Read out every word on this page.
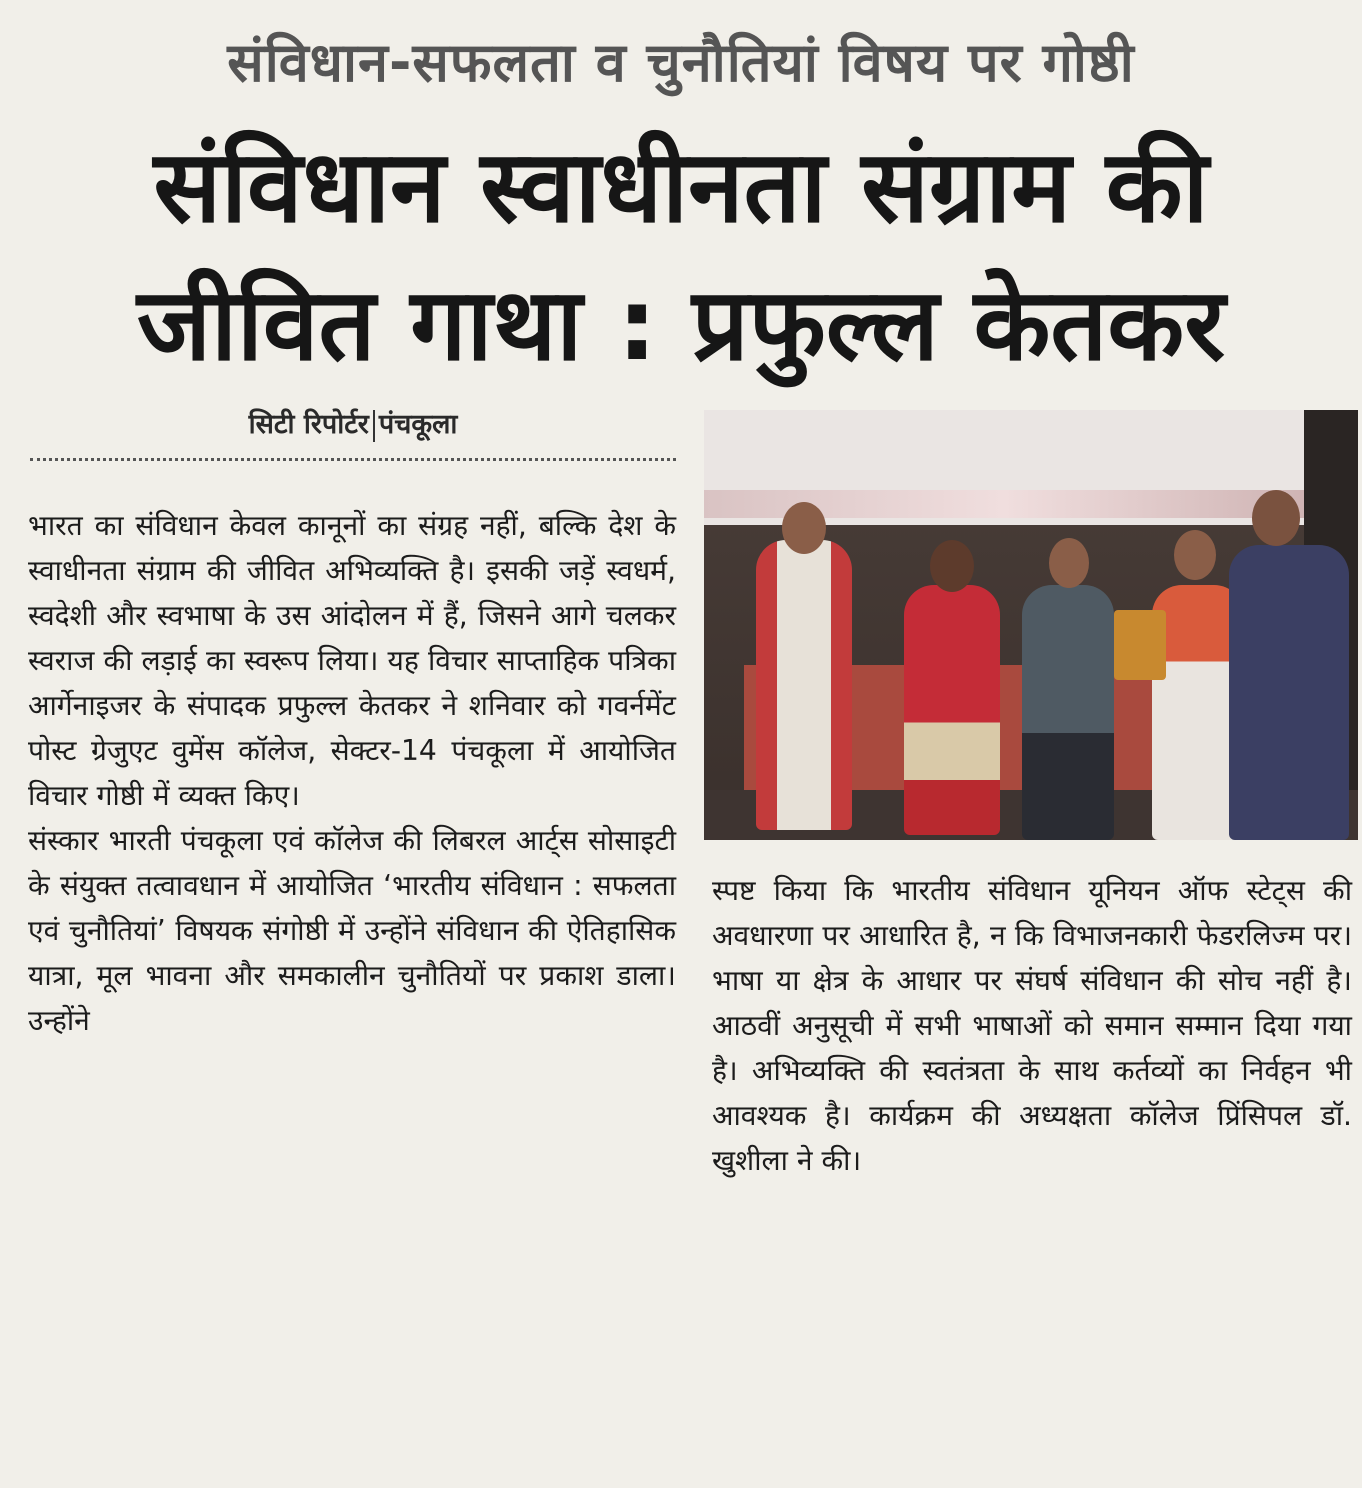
संविधान-सफलता व चुनौतियां विषय पर गोष्ठी
संविधान स्वाधीनता संग्राम की
जीवित गाथा : प्रफुल्ल केतकर
सिटी रिपोर्टर पंचकूला

भारत का संविधान केवल कानूनों का संग्रह नहीं, बल्कि देश के स्वाधीनता संग्राम की जीवित अभिव्यक्ति है। इसकी जड़ें स्वधर्म, स्वदेशी और स्वभाषा के उस आंदोलन में हैं, जिसने आगे चलकर स्वराज की लड़ाई का स्वरूप लिया। यह विचार साप्ताहिक पत्रिका आर्गेनाइजर के संपादक प्रफुल्ल केतकर ने शनिवार को गवर्नमेंट पोस्ट ग्रेजुएट वुमेंस कॉलेज, सेक्टर-14 पंचकूला में आयोजित विचार गोष्ठी में व्यक्त किए।

संस्कार भारती पंचकूला एवं कॉलेज की लिबरल आर्ट्स सोसाइटी के संयुक्त तत्वावधान में आयोजित ‘भारतीय संविधान : सफलता एवं चुनौतियां’ विषयक संगोष्ठी में उन्होंने संविधान की ऐतिहासिक यात्रा, मूल भावना और समकालीन चुनौतियों पर प्रकाश डाला। उन्होंने

स्पष्ट किया कि भारतीय संविधान यूनियन ऑफ स्टेट्स की अवधारणा पर आधारित है, न कि विभाजनकारी फेडरलिज्म पर। भाषा या क्षेत्र के आधार पर संघर्ष संविधान की सोच नहीं है। आठवीं अनुसूची में सभी भाषाओं को समान सम्मान दिया गया है। अभिव्यक्ति की स्वतंत्रता के साथ कर्तव्यों का निर्वहन भी आवश्यक है। कार्यक्रम की अध्यक्षता कॉलेज प्रिंसिपल डॉ. खुशीला ने की।
